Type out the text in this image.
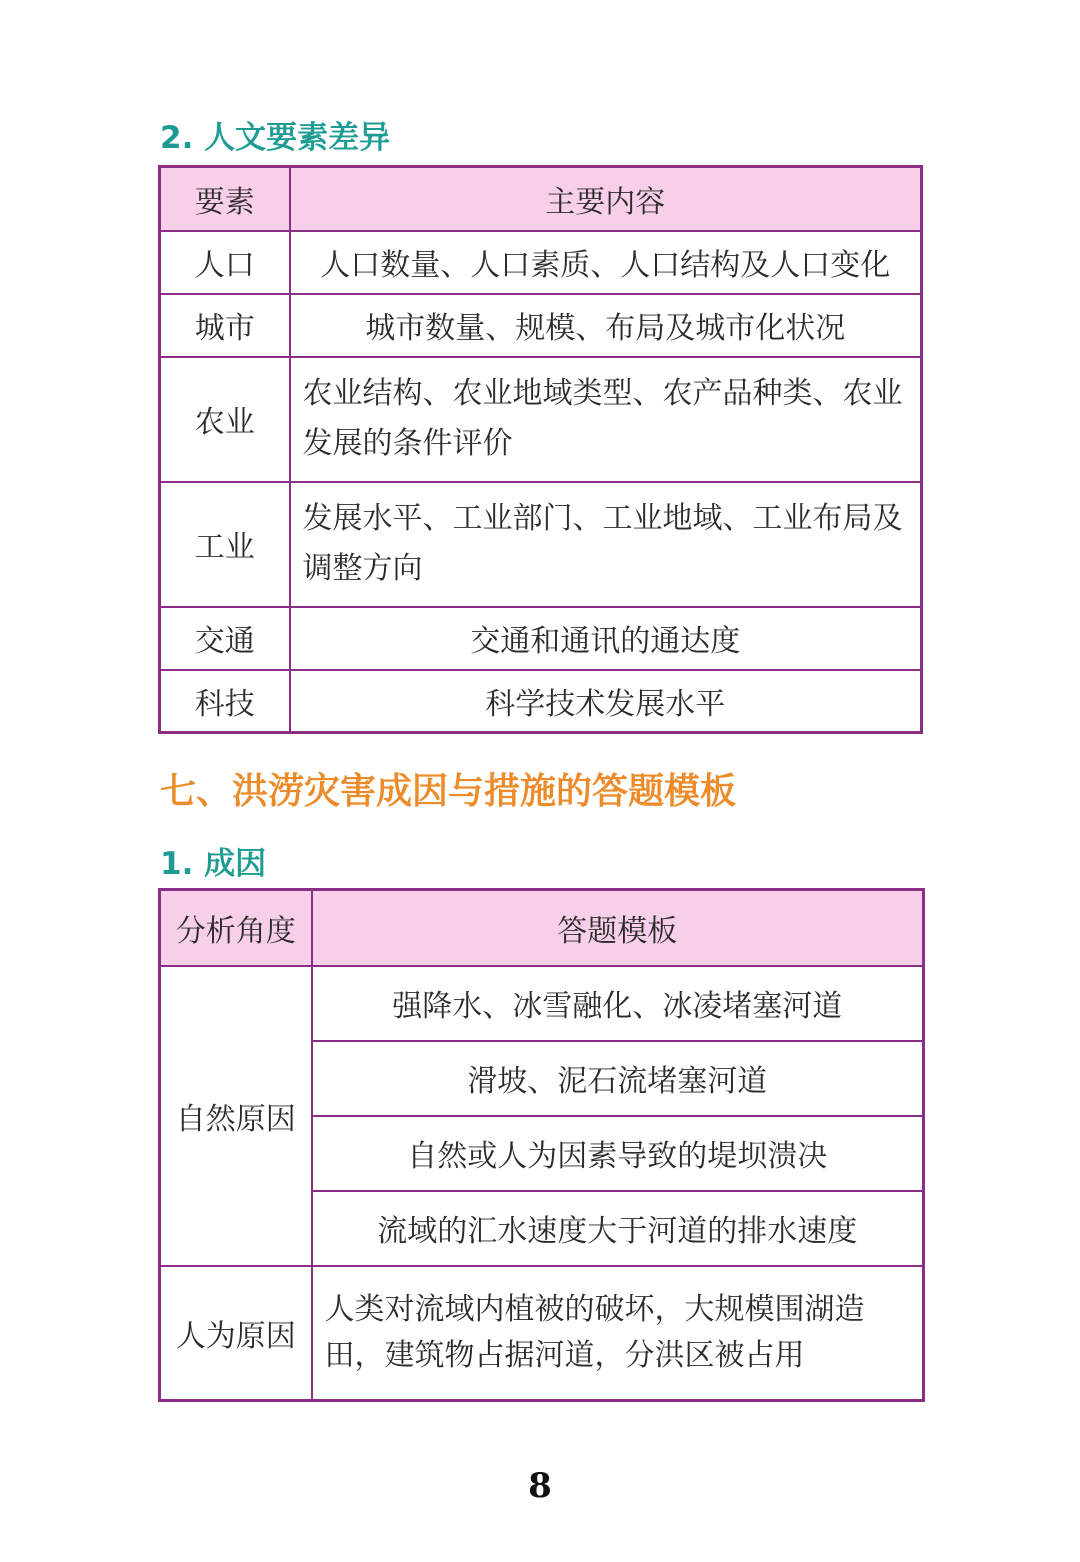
2. 人文要素差异
要素	主要内容
人口	人口数量、人口素质、人口结构及人口变化
城市	城市数量、规模、布局及城市化状况
农业	农业结构、农业地域类型、农产品种类、农业发展的条件评价
工业	发展水平、工业部门、工业地域、工业布局及调整方向
交通	交通和通讯的通达度
科技	科学技术发展水平
七、洪涝灾害成因与措施的答题模板
1. 成因
分析角度	答题模板
自然原因	强降水、冰雪融化、冰凌堵塞河道
	滑坡、泥石流堵塞河道
	自然或人为因素导致的堤坝溃决
	流域的汇水速度大于河道的排水速度
人为原因	人类对流域内植被的破坏，大规模围湖造田，建筑物占据河道，分洪区被占用

8
